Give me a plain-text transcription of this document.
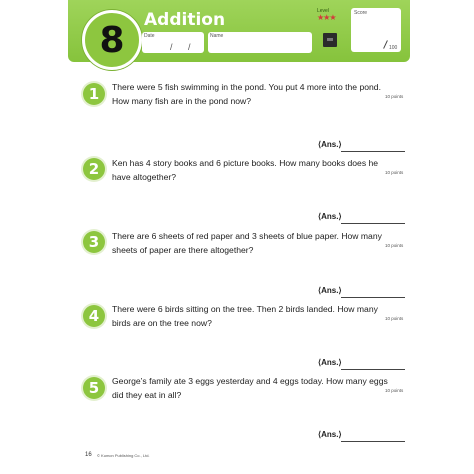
8	Addition
Date
/ /
Name
Level
★★★	Score
100
1	There were 5 fish swimming in the pond. You put 4 more into the pond. How many fish are in the pond now?	10 points
⟨Ans.⟩
2	Ken has 4 story books and 6 picture books. How many books does he have altogether?	10 points
⟨Ans.⟩
3	There are 6 sheets of red paper and 3 sheets of blue paper. How many sheets of paper are there altogether?	10 points
⟨Ans.⟩
4	There were 6 birds sitting on the tree. Then 2 birds landed. How many birds are on the tree now?	10 points
⟨Ans.⟩
5	George’s family ate 3 eggs yesterday and 4 eggs today. How many eggs did they eat in all?	10 points
⟨Ans.⟩
16 © Kumon Publishing Co., Ltd.
